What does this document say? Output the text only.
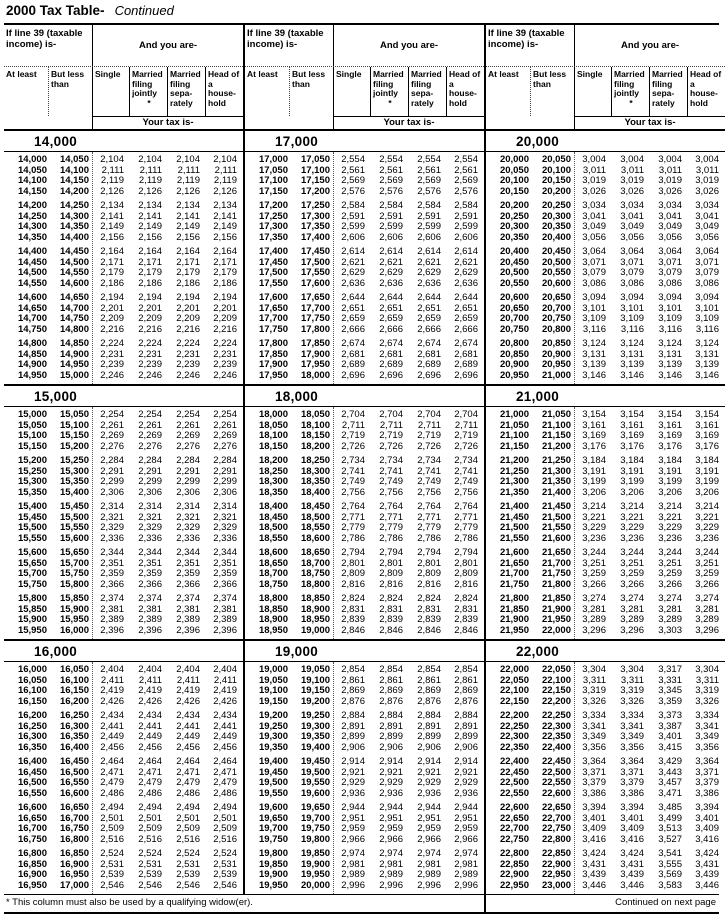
2000 Tax Table- Continued
If line 39 (taxable income) is-	And you are-
At least	But less than
Single	Married filing jointly
*
Married filing sepa-rately
Head of a house-hold
Your tax is-
14,000
14,000	14,050	2,104	2,104	2,104	2,104
14,050	14,100	2,111	2,111	2,111	2,111
14,100	14,150	2,119	2,119	2,119	2,119
14,150	14,200	2,126	2,126	2,126	2,126
14,200	14,250	2,134	2,134	2,134	2,134
14,250	14,300	2,141	2,141	2,141	2,141
14,300	14,350	2,149	2,149	2,149	2,149
14,350	14,400	2,156	2,156	2,156	2,156
14,400	14,450	2,164	2,164	2,164	2,164
14,450	14,500	2,171	2,171	2,171	2,171
14,500	14,550	2,179	2,179	2,179	2,179
14,550	14,600	2,186	2,186	2,186	2,186
14,600	14,650	2,194	2,194	2,194	2,194
14,650	14,700	2,201	2,201	2,201	2,201
14,700	14,750	2,209	2,209	2,209	2,209
14,750	14,800	2,216	2,216	2,216	2,216
14,800	14,850	2,224	2,224	2,224	2,224
14,850	14,900	2,231	2,231	2,231	2,231
14,900	14,950	2,239	2,239	2,239	2,239
14,950	15,000	2,246	2,246	2,246	2,246
15,000
15,000	15,050	2,254	2,254	2,254	2,254
15,050	15,100	2,261	2,261	2,261	2,261
15,100	15,150	2,269	2,269	2,269	2,269
15,150	15,200	2,276	2,276	2,276	2,276
15,200	15,250	2,284	2,284	2,284	2,284
15,250	15,300	2,291	2,291	2,291	2,291
15,300	15,350	2,299	2,299	2,299	2,299
15,350	15,400	2,306	2,306	2,306	2,306
15,400	15,450	2,314	2,314	2,314	2,314
15,450	15,500	2,321	2,321	2,321	2,321
15,500	15,550	2,329	2,329	2,329	2,329
15,550	15,600	2,336	2,336	2,336	2,336
15,600	15,650	2,344	2,344	2,344	2,344
15,650	15,700	2,351	2,351	2,351	2,351
15,700	15,750	2,359	2,359	2,359	2,359
15,750	15,800	2,366	2,366	2,366	2,366
15,800	15,850	2,374	2,374	2,374	2,374
15,850	15,900	2,381	2,381	2,381	2,381
15,900	15,950	2,389	2,389	2,389	2,389
15,950	16,000	2,396	2,396	2,396	2,396
16,000
16,000	16,050	2,404	2,404	2,404	2,404
16,050	16,100	2,411	2,411	2,411	2,411
16,100	16,150	2,419	2,419	2,419	2,419
16,150	16,200	2,426	2,426	2,426	2,426
16,200	16,250	2,434	2,434	2,434	2,434
16,250	16,300	2,441	2,441	2,441	2,441
16,300	16,350	2,449	2,449	2,449	2,449
16,350	16,400	2,456	2,456	2,456	2,456
16,400	16,450	2,464	2,464	2,464	2,464
16,450	16,500	2,471	2,471	2,471	2,471
16,500	16,550	2,479	2,479	2,479	2,479
16,550	16,600	2,486	2,486	2,486	2,486
16,600	16,650	2,494	2,494	2,494	2,494
16,650	16,700	2,501	2,501	2,501	2,501
16,700	16,750	2,509	2,509	2,509	2,509
16,750	16,800	2,516	2,516	2,516	2,516
16,800	16,850	2,524	2,524	2,524	2,524
16,850	16,900	2,531	2,531	2,531	2,531
16,900	16,950	2,539	2,539	2,539	2,539
16,950	17,000	2,546	2,546	2,546	2,546
If line 39 (taxable income) is-	And you are-
At least	But less than
Single	Married filing jointly
*
Married filing sepa-rately
Head of a house-hold
Your tax is-
17,000
17,000	17,050	2,554	2,554	2,554	2,554
17,050	17,100	2,561	2,561	2,561	2,561
17,100	17,150	2,569	2,569	2,569	2,569
17,150	17,200	2,576	2,576	2,576	2,576
17,200	17,250	2,584	2,584	2,584	2,584
17,250	17,300	2,591	2,591	2,591	2,591
17,300	17,350	2,599	2,599	2,599	2,599
17,350	17,400	2,606	2,606	2,606	2,606
17,400	17,450	2,614	2,614	2,614	2,614
17,450	17,500	2,621	2,621	2,621	2,621
17,500	17,550	2,629	2,629	2,629	2,629
17,550	17,600	2,636	2,636	2,636	2,636
17,600	17,650	2,644	2,644	2,644	2,644
17,650	17,700	2,651	2,651	2,651	2,651
17,700	17,750	2,659	2,659	2,659	2,659
17,750	17,800	2,666	2,666	2,666	2,666
17,800	17,850	2,674	2,674	2,674	2,674
17,850	17,900	2,681	2,681	2,681	2,681
17,900	17,950	2,689	2,689	2,689	2,689
17,950	18,000	2,696	2,696	2,696	2,696
18,000
18,000	18,050	2,704	2,704	2,704	2,704
18,050	18,100	2,711	2,711	2,711	2,711
18,100	18,150	2,719	2,719	2,719	2,719
18,150	18,200	2,726	2,726	2,726	2,726
18,200	18,250	2,734	2,734	2,734	2,734
18,250	18,300	2,741	2,741	2,741	2,741
18,300	18,350	2,749	2,749	2,749	2,749
18,350	18,400	2,756	2,756	2,756	2,756
18,400	18,450	2,764	2,764	2,764	2,764
18,450	18,500	2,771	2,771	2,771	2,771
18,500	18,550	2,779	2,779	2,779	2,779
18,550	18,600	2,786	2,786	2,786	2,786
18,600	18,650	2,794	2,794	2,794	2,794
18,650	18,700	2,801	2,801	2,801	2,801
18,700	18,750	2,809	2,809	2,809	2,809
18,750	18,800	2,816	2,816	2,816	2,816
18,800	18,850	2,824	2,824	2,824	2,824
18,850	18,900	2,831	2,831	2,831	2,831
18,900	18,950	2,839	2,839	2,839	2,839
18,950	19,000	2,846	2,846	2,846	2,846
19,000
19,000	19,050	2,854	2,854	2,854	2,854
19,050	19,100	2,861	2,861	2,861	2,861
19,100	19,150	2,869	2,869	2,869	2,869
19,150	19,200	2,876	2,876	2,876	2,876
19,200	19,250	2,884	2,884	2,884	2,884
19,250	19,300	2,891	2,891	2,891	2,891
19,300	19,350	2,899	2,899	2,899	2,899
19,350	19,400	2,906	2,906	2,906	2,906
19,400	19,450	2,914	2,914	2,914	2,914
19,450	19,500	2,921	2,921	2,921	2,921
19,500	19,550	2,929	2,929	2,929	2,929
19,550	19,600	2,936	2,936	2,936	2,936
19,600	19,650	2,944	2,944	2,944	2,944
19,650	19,700	2,951	2,951	2,951	2,951
19,700	19,750	2,959	2,959	2,959	2,959
19,750	19,800	2,966	2,966	2,966	2,966
19,800	19,850	2,974	2,974	2,974	2,974
19,850	19,900	2,981	2,981	2,981	2,981
19,900	19,950	2,989	2,989	2,989	2,989
19,950	20,000	2,996	2,996	2,996	2,996
If line 39 (taxable income) is-	And you are-
At least	But less than
Single	Married filing jointly
*
Married filing sepa-rately
Head of a house-hold
Your tax is-
20,000
20,000	20,050	3,004	3,004	3,004	3,004
20,050	20,100	3,011	3,011	3,011	3,011
20,100	20,150	3,019	3,019	3,019	3,019
20,150	20,200	3,026	3,026	3,026	3,026
20,200	20,250	3,034	3,034	3,034	3,034
20,250	20,300	3,041	3,041	3,041	3,041
20,300	20,350	3,049	3,049	3,049	3,049
20,350	20,400	3,056	3,056	3,056	3,056
20,400	20,450	3,064	3,064	3,064	3,064
20,450	20,500	3,071	3,071	3,071	3,071
20,500	20,550	3,079	3,079	3,079	3,079
20,550	20,600	3,086	3,086	3,086	3,086
20,600	20,650	3,094	3,094	3,094	3,094
20,650	20,700	3,101	3,101	3,101	3,101
20,700	20,750	3,109	3,109	3,109	3,109
20,750	20,800	3,116	3,116	3,116	3,116
20,800	20,850	3,124	3,124	3,124	3,124
20,850	20,900	3,131	3,131	3,131	3,131
20,900	20,950	3,139	3,139	3,139	3,139
20,950	21,000	3,146	3,146	3,146	3,146
21,000
21,000	21,050	3,154	3,154	3,154	3,154
21,050	21,100	3,161	3,161	3,161	3,161
21,100	21,150	3,169	3,169	3,169	3,169
21,150	21,200	3,176	3,176	3,176	3,176
21,200	21,250	3,184	3,184	3,184	3,184
21,250	21,300	3,191	3,191	3,191	3,191
21,300	21,350	3,199	3,199	3,199	3,199
21,350	21,400	3,206	3,206	3,206	3,206
21,400	21,450	3,214	3,214	3,214	3,214
21,450	21,500	3,221	3,221	3,221	3,221
21,500	21,550	3,229	3,229	3,229	3,229
21,550	21,600	3,236	3,236	3,236	3,236
21,600	21,650	3,244	3,244	3,244	3,244
21,650	21,700	3,251	3,251	3,251	3,251
21,700	21,750	3,259	3,259	3,259	3,259
21,750	21,800	3,266	3,266	3,266	3,266
21,800	21,850	3,274	3,274	3,274	3,274
21,850	21,900	3,281	3,281	3,281	3,281
21,900	21,950	3,289	3,289	3,289	3,289
21,950	22,000	3,296	3,296	3,303	3,296
22,000
22,000	22,050	3,304	3,304	3,317	3,304
22,050	22,100	3,311	3,311	3,331	3,311
22,100	22,150	3,319	3,319	3,345	3,319
22,150	22,200	3,326	3,326	3,359	3,326
22,200	22,250	3,334	3,334	3,373	3,334
22,250	22,300	3,341	3,341	3,387	3,341
22,300	22,350	3,349	3,349	3,401	3,349
22,350	22,400	3,356	3,356	3,415	3,356
22,400	22,450	3,364	3,364	3,429	3,364
22,450	22,500	3,371	3,371	3,443	3,371
22,500	22,550	3,379	3,379	3,457	3,379
22,550	22,600	3,386	3,386	3,471	3,386
22,600	22,650	3,394	3,394	3,485	3,394
22,650	22,700	3,401	3,401	3,499	3,401
22,700	22,750	3,409	3,409	3,513	3,409
22,750	22,800	3,416	3,416	3,527	3,416
22,800	22,850	3,424	3,424	3,541	3,424
22,850	22,900	3,431	3,431	3,555	3,431
22,900	22,950	3,439	3,439	3,569	3,439
22,950	23,000	3,446	3,446	3,583	3,446
* This column must also be used by a qualifying widow(er).	Continued on next page
